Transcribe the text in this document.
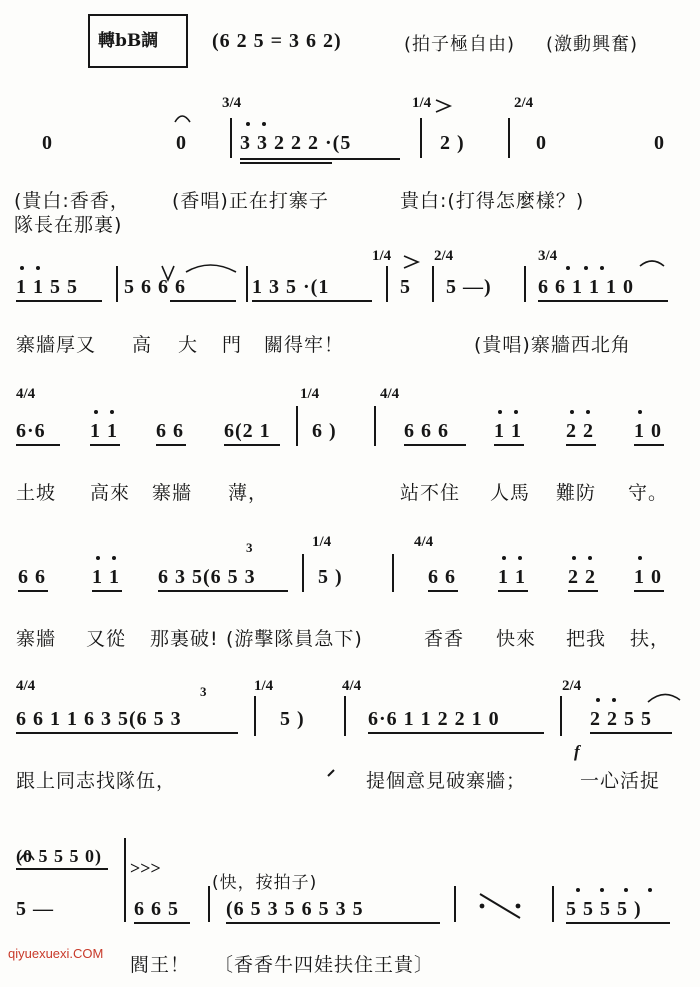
轉bB調	(6 2 5 = 3 6 2)	(拍子極自由) (激動興奮)
3/4	1/4	2/4
0	0	3 3 2 2 2 ·(5	2 )	0	0
(貴白:香香， (香唱)正在打寨子	貴白:(打得怎麼樣？)
隊長在那裏)
1/4	2/4	3/4
1 1 5 5 5 6 6 6	1 3 5 ·(1	5 5 —) 6 6 1 1 1 0
寨牆厚又 高 大 門 關得牢！	(貴唱)寨牆西北角
4/4	1/4	4/4
6·6 1 1 6 6 6(2 1 6 )	6 6 6 1 1 2 2 1 0
土坡 高來 寨牆 薄，	站不住 人馬 難防 守。
1/4	4/4
6 6 1 1 6 3 5(6 5 3	5 )	6 6 1 1 2 2 1 0
3
寨牆 又從 那裏破! (游擊隊員急下)	香香 快來 把我 扶，
4/4	1/4	4/4	2/4
6 6 1 1 6 3 5(6 5 3	5 )	6·6 1 1 2 2 1 0	2 2 5 5
3
f
跟上同志找隊伍，	提個意見破寨牆；	一心活捉
(0 5 5 5 0)
>>>
(快，按拍子)
5 —	6 6 5 (6 5 3 5 6 5 3 5	5 5 5 5 )
閻王！ 〔香香牛四娃扶住王貴〕
qiyuexuexi.COM
